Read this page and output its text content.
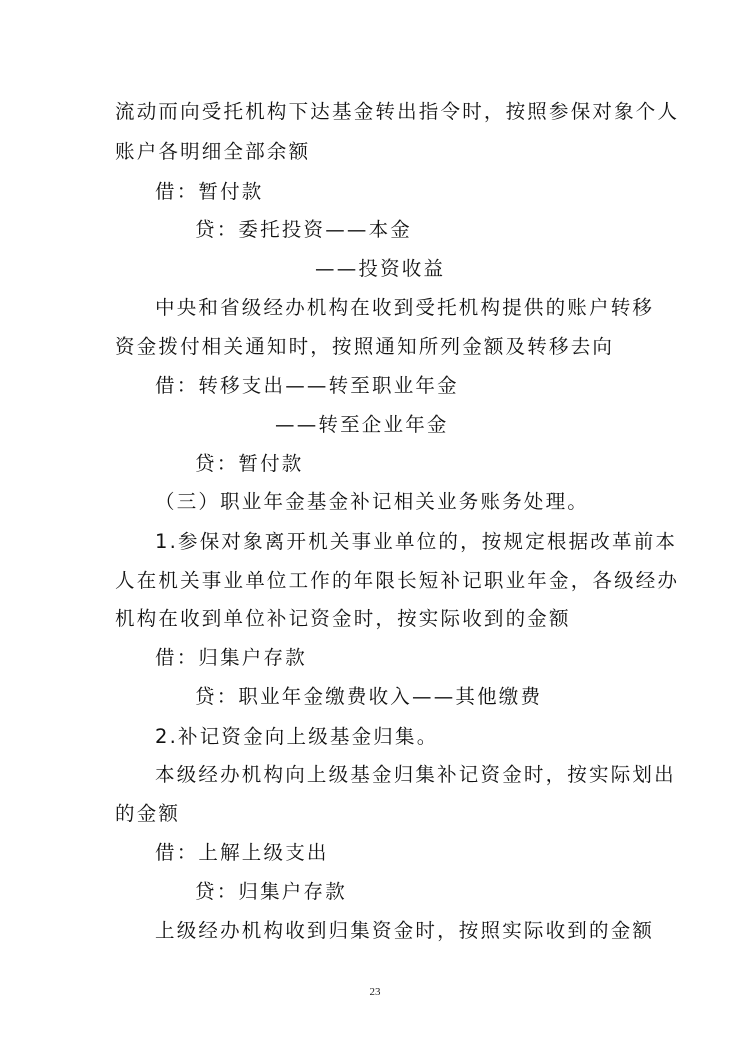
流动而向受托机构下达基金转出指令时，按照参保对象个人
账户各明细全部余额
借：暂付款
贷：委托投资——本金
——投资收益
中央和省级经办机构在收到受托机构提供的账户转移
资金拨付相关通知时，按照通知所列金额及转移去向
借：转移支出——转至职业年金
——转至企业年金
贷：暂付款
（三）职业年金基金补记相关业务账务处理。
1.参保对象离开机关事业单位的，按规定根据改革前本
人在机关事业单位工作的年限长短补记职业年金，各级经办
机构在收到单位补记资金时，按实际收到的金额
借：归集户存款
贷：职业年金缴费收入——其他缴费
2.补记资金向上级基金归集。
本级经办机构向上级基金归集补记资金时，按实际划出
的金额
借：上解上级支出
贷：归集户存款
上级经办机构收到归集资金时，按照实际收到的金额
23
